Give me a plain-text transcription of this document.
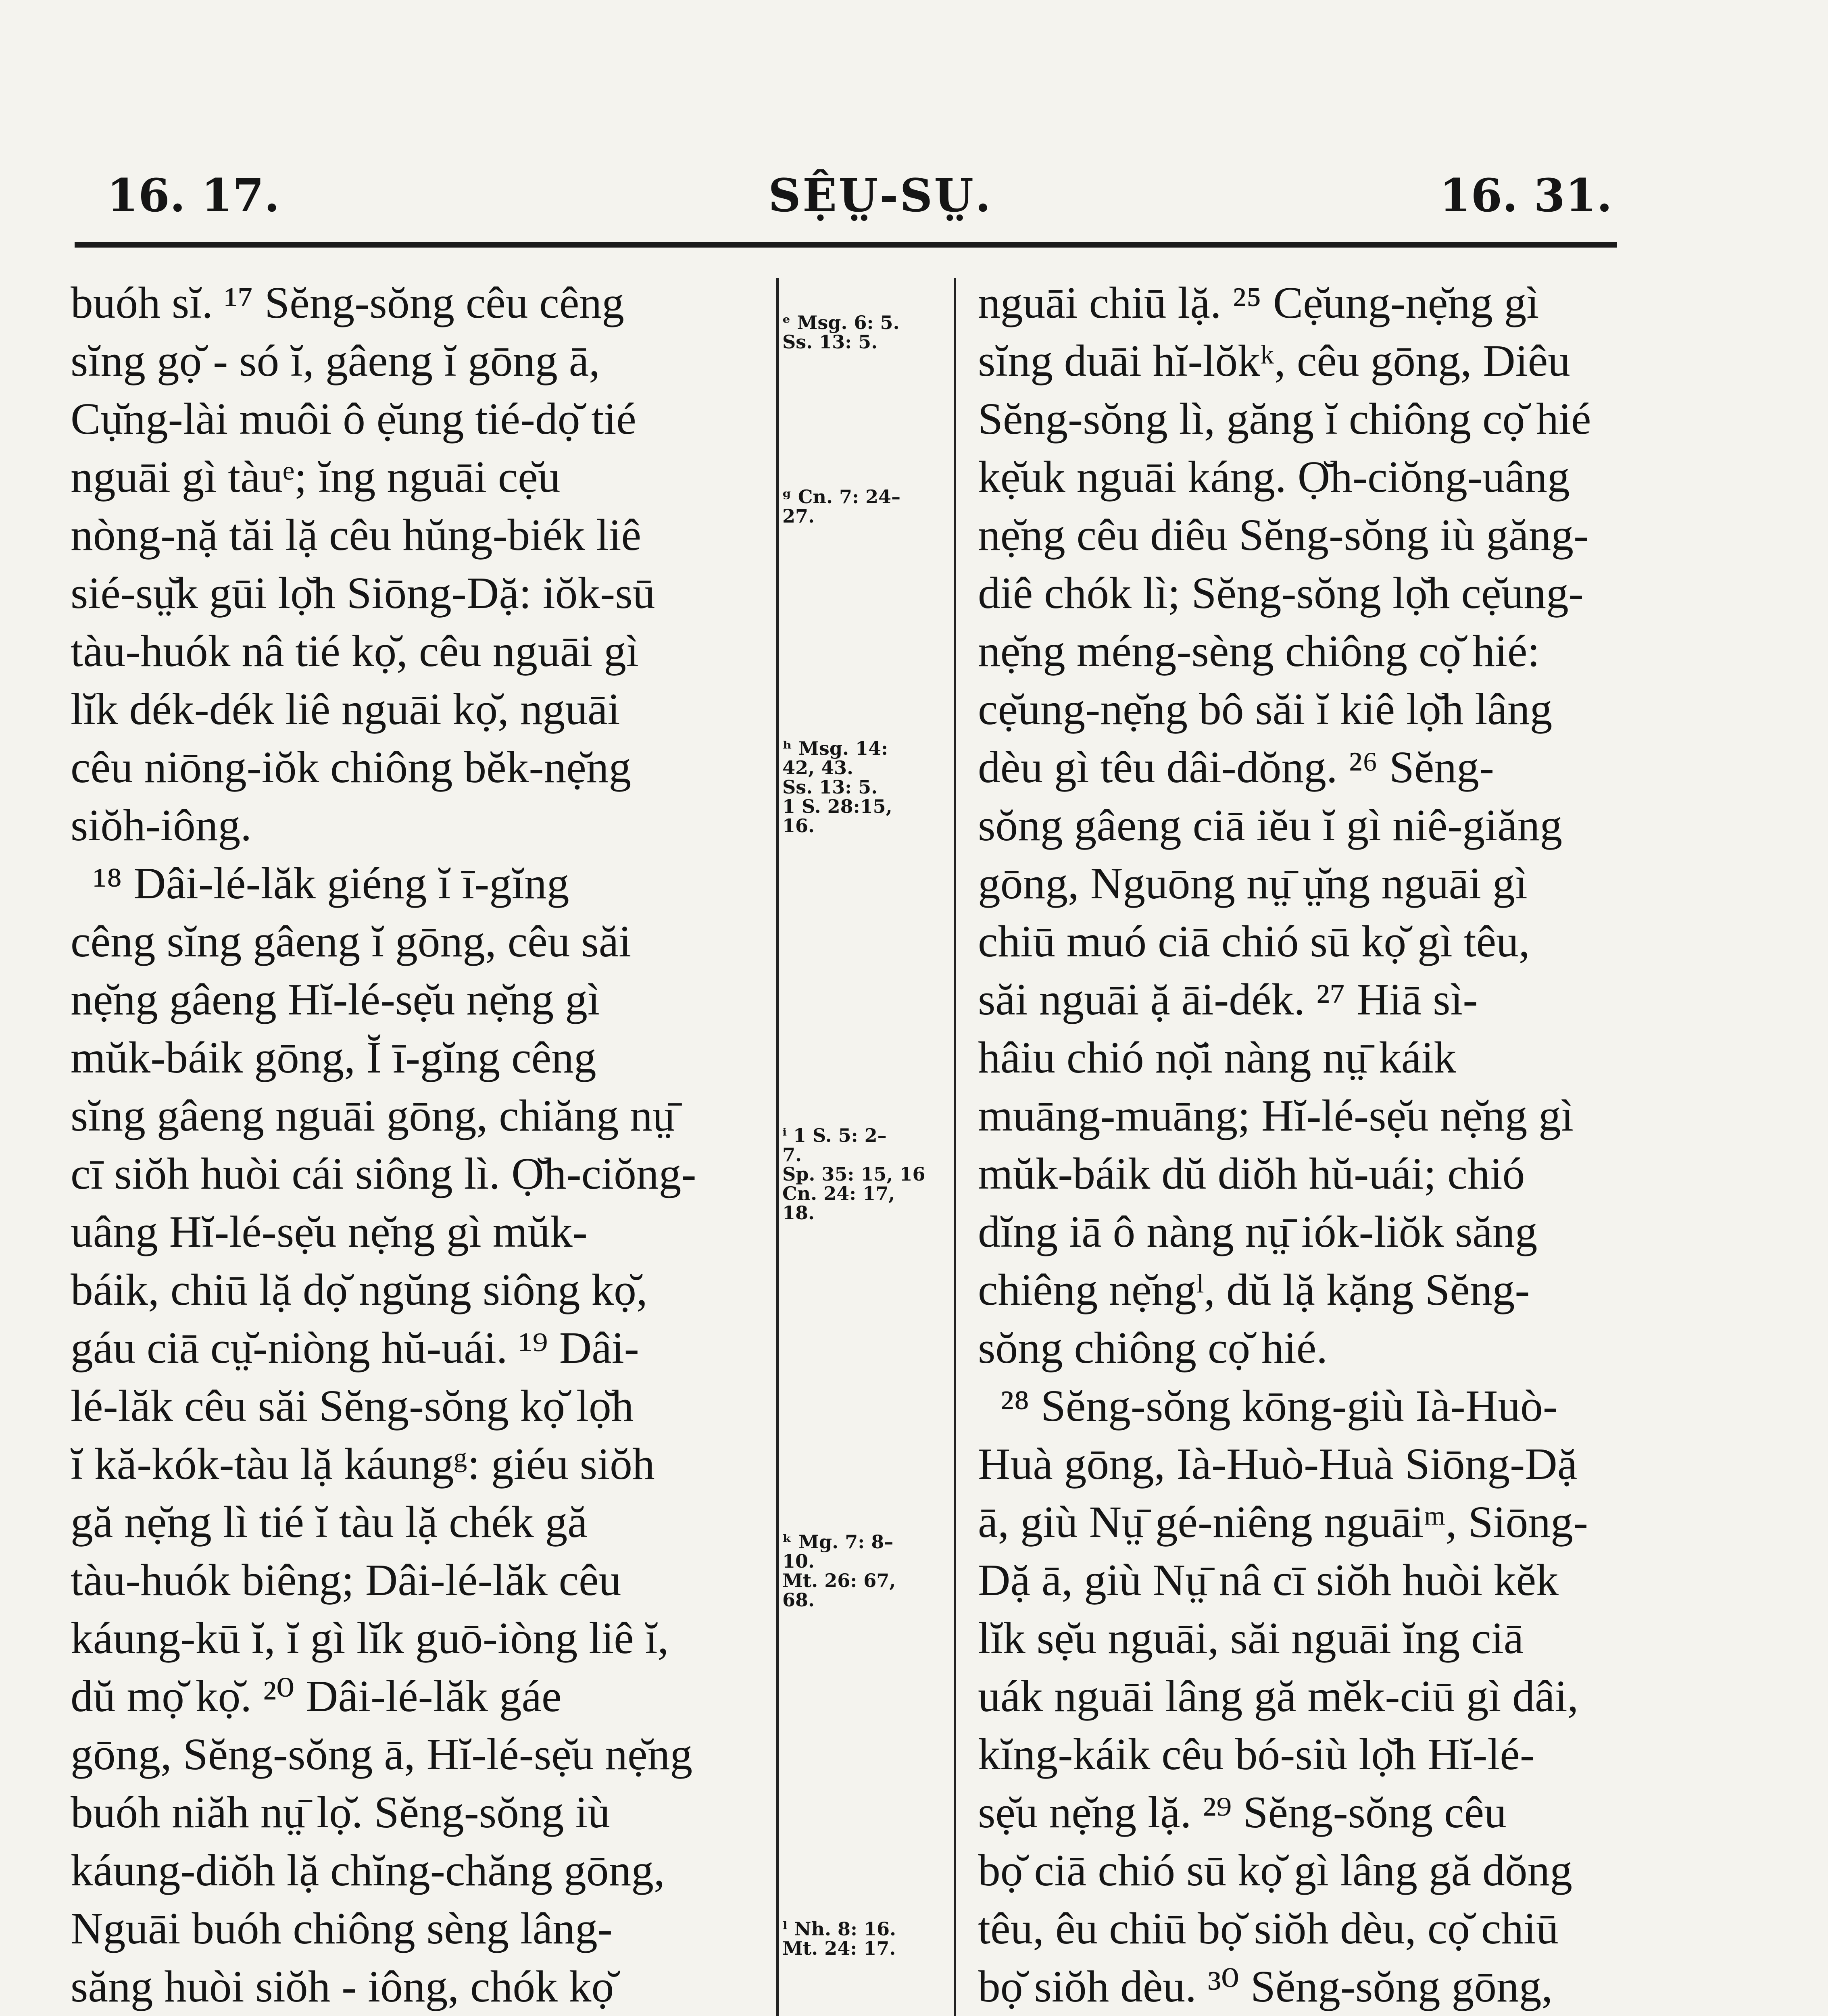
16. 17.	SỆṲ-SṲ.	16. 31.
buóh sĭ. ¹⁷ Sĕng-sŏng cêu cêng
sĭng gọ̆ - só ĭ, gâeng ĭ gōng ā,
Cụ̆ng-lài muôi ô ẹ̆ung tié-dọ̆ tié
nguāi gì tàuᵉ; ĭng nguāi cẹ̆u
nòng-nặ tăi lặ cêu hŭng-biék liê
sié-sṳ̆k gūi lọ̆h Siōng-Dặ: iŏk-sū
tàu-huók nâ tié kọ̆, cêu nguāi gì
lĭk dék-dék liê nguāi kọ̆, nguāi
cêu niōng-iŏk chiông bĕk-nẹ̆ng
siŏh-iông.
¹⁸ Dâi-lé-lăk giéng ĭ ī-gĭng
cêng sĭng gâeng ĭ gōng, cêu săi
nẹ̆ng gâeng Hĭ-lé-sẹ̆u nẹ̆ng gì
mŭk-báik gōng, Ĭ ī-gĭng cêng
sĭng gâeng nguāi gōng, chiăng nṳ̄
cī siŏh huòi cái siông lì. Ọ̆h-ciŏng-
uâng Hĭ-lé-sẹ̆u nẹ̆ng gì mŭk-
báik, chiū lặ dọ̆ ngŭng siông kọ̆,
gáu ciā cṳ̆-niòng hŭ-uái. ¹⁹ Dâi-
lé-lăk cêu săi Sĕng-sŏng kọ̆ lọ̆h
ĭ kă-kók-tàu lặ káungᵍ: giéu siŏh
gă nẹ̆ng lì tié ĭ tàu lặ chék gă
tàu-huók biêng; Dâi-lé-lăk cêu
káung-kū ĭ, ĭ gì lĭk guō-iòng liê ĭ,
dŭ mọ̆ kọ̆. ²⁰ Dâi-lé-lăk gáe
gōng, Sĕng-sŏng ā, Hĭ-lé-sẹ̆u nẹ̆ng
buóh niăh nṳ̄ lọ̆. Sĕng-sŏng iù
káung-diŏh lặ chĭng-chăng gōng,
Nguāi buóh chiông sèng lâng-
săng huòi siŏh - iông, chók kọ̆

ᵉ Msg. 6: 5.
Ss. 13: 5.

ᵍ Cn. 7: 24–
27.

ʰ Msg. 14:
42, 43.
Ss. 13: 5.
1 S. 28:15,
16.

ⁱ 1 S. 5: 2–
7.
Sp. 35: 15, 16
Cn. 24: 17,
18.

ᵏ Mg. 7: 8–
10.
Mt. 26: 67,
68.

ˡ Nh. 8: 16.
Mt. 24: 17.

nguāi chiū lặ. ²⁵ Cẹ̆ung-nẹ̆ng gì
sĭng duāi hĭ-lŏkᵏ, cêu gōng, Diêu
Sĕng-sŏng lì, găng ĭ chiông cọ̆ hié
kẹ̆uk nguāi káng. Ọ̆h-ciŏng-uâng
nẹ̆ng cêu diêu Sĕng-sŏng iù găng-
diê chók lì; Sĕng-sŏng lọ̆h cẹ̆ung-
nẹ̆ng méng-sèng chiông cọ̆ hié:
cẹ̆ung-nẹ̆ng bô săi ĭ kiê lọ̆h lâng
dèu gì têu dâi-dŏng. ²⁶ Sĕng-
sŏng gâeng ciā iĕu ĭ gì niê-giăng
gōng, Nguōng nṳ̄ ṳ̆ng nguāi gì
chiū muó ciā chió sū kọ̆ gì têu,
săi nguāi ặ āi-dék. ²⁷ Hiā sì-
hâiu chió nọ̆i nàng nṳ̄ káik
muāng-muāng; Hĭ-lé-sẹ̆u nẹ̆ng gì
mŭk-báik dŭ diŏh hŭ-uái; chió
dĭng iā ô nàng nṳ̄ iók-liŏk săng
chiêng nẹ̆ngˡ, dŭ lặ kặng Sĕng-
sŏng chiông cọ̆ hié.
²⁸ Sĕng-sŏng kōng-giù Ià-Huò-
Huà gōng, Ià-Huò-Huà Siōng-Dặ
ā, giù Nṳ̄ gé-niêng nguāiᵐ, Siōng-
Dặ ā, giù Nṳ̄ nâ cī siŏh huòi kĕk
lĭk sẹ̆u nguāi, săi nguāi ĭng ciā
uák nguāi lâng gă mĕk-ciū gì dâi,
kĭng-káik cêu bó-siù lọ̆h Hĭ-lé-
sẹ̆u nẹ̆ng lặ. ²⁹ Sĕng-sŏng cêu
bọ̆ ciā chió sū kọ̆ gì lâng gă dŏng
têu, êu chiū bọ̆ siŏh dèu, cọ̆ chiū
bọ̆ siŏh dèu. ³⁰ Sĕng-sŏng gōng,
